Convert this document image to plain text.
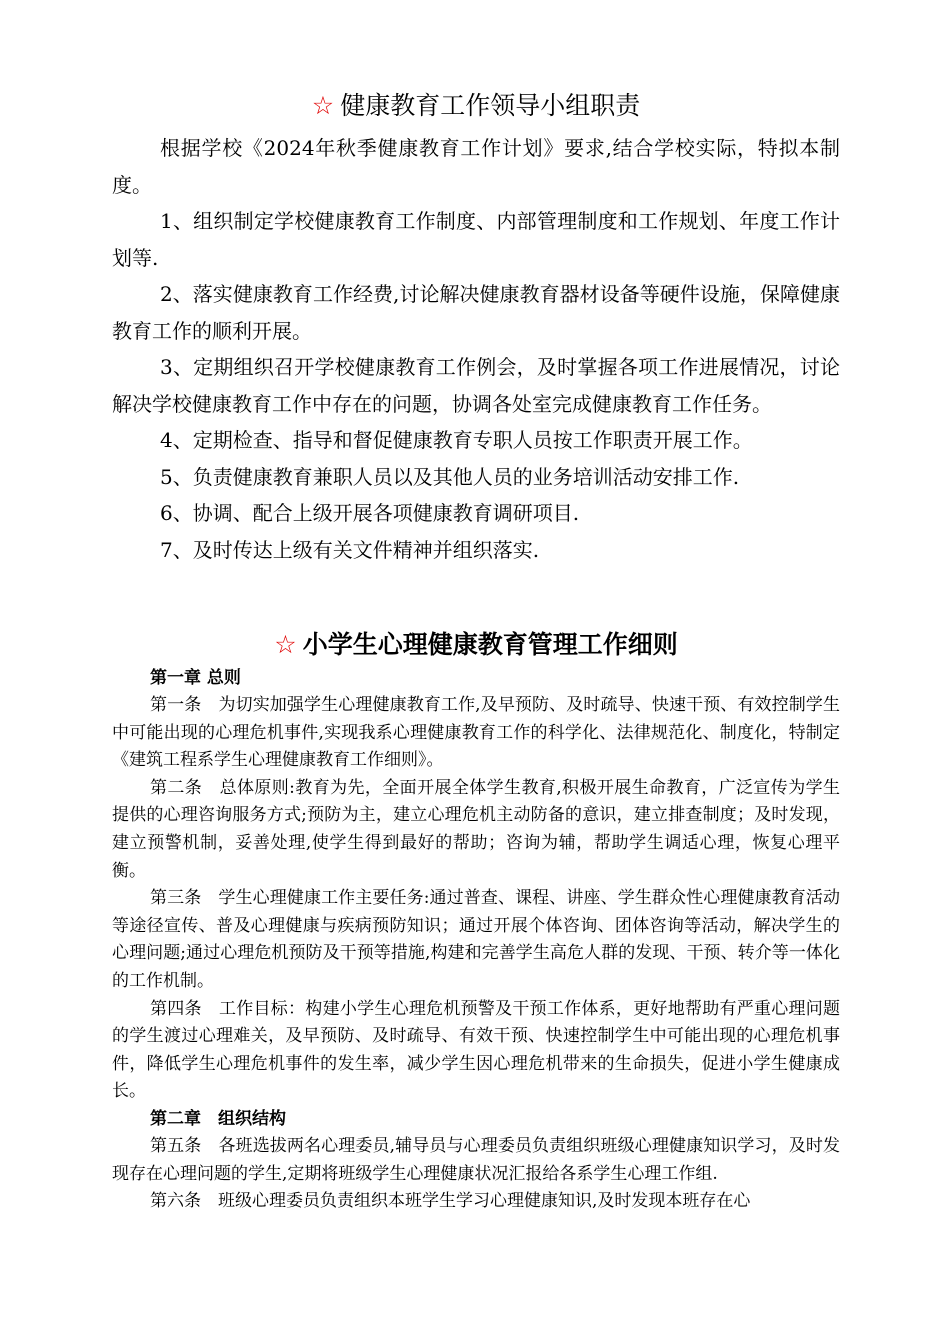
☆ 健康教育工作领导小组职责

根据学校《2024年秋季健康教育工作计划》要求,结合学校实际，特拟本制度。

1、组织制定学校健康教育工作制度、内部管理制度和工作规划、年度工作计划等.

2、落实健康教育工作经费,讨论解决健康教育器材设备等硬件设施，保障健康教育工作的顺利开展。

3、定期组织召开学校健康教育工作例会，及时掌握各项工作进展情况，讨论解决学校健康教育工作中存在的问题，协调各处室完成健康教育工作任务。

4、定期检查、指导和督促健康教育专职人员按工作职责开展工作。

5、负责健康教育兼职人员以及其他人员的业务培训活动安排工作.

6、协调、配合上级开展各项健康教育调研项目.

7、及时传达上级有关文件精神并组织落实.

☆ 小学生心理健康教育管理工作细则

第一章 总则

第一条　为切实加强学生心理健康教育工作,及早预防、及时疏导、快速干预、有效控制学生中可能出现的心理危机事件,实现我系心理健康教育工作的科学化、法律规范化、制度化，特制定《建筑工程系学生心理健康教育工作细则》。

第二条　总体原则:教育为先，全面开展全体学生教育,积极开展生命教育，广泛宣传为学生提供的心理咨询服务方式;预防为主，建立心理危机主动防备的意识，建立排查制度；及时发现，建立预警机制，妥善处理,使学生得到最好的帮助；咨询为辅，帮助学生调适心理，恢复心理平衡。

第三条　学生心理健康工作主要任务:通过普查、课程、讲座、学生群众性心理健康教育活动等途径宣传、普及心理健康与疾病预防知识；通过开展个体咨询、团体咨询等活动，解决学生的心理问题;通过心理危机预防及干预等措施,构建和完善学生高危人群的发现、干预、转介等一体化的工作机制。

第四条　工作目标：构建小学生心理危机预警及干预工作体系，更好地帮助有严重心理问题的学生渡过心理难关，及早预防、及时疏导、有效干预、快速控制学生中可能出现的心理危机事件，降低学生心理危机事件的发生率，减少学生因心理危机带来的生命损失，促进小学生健康成长。

第二章　组织结构

第五条　各班选拔两名心理委员,辅导员与心理委员负责组织班级心理健康知识学习，及时发现存在心理问题的学生,定期将班级学生心理健康状况汇报给各系学生心理工作组.

第六条　班级心理委员负责组织本班学生学习心理健康知识,及时发现本班存在心
